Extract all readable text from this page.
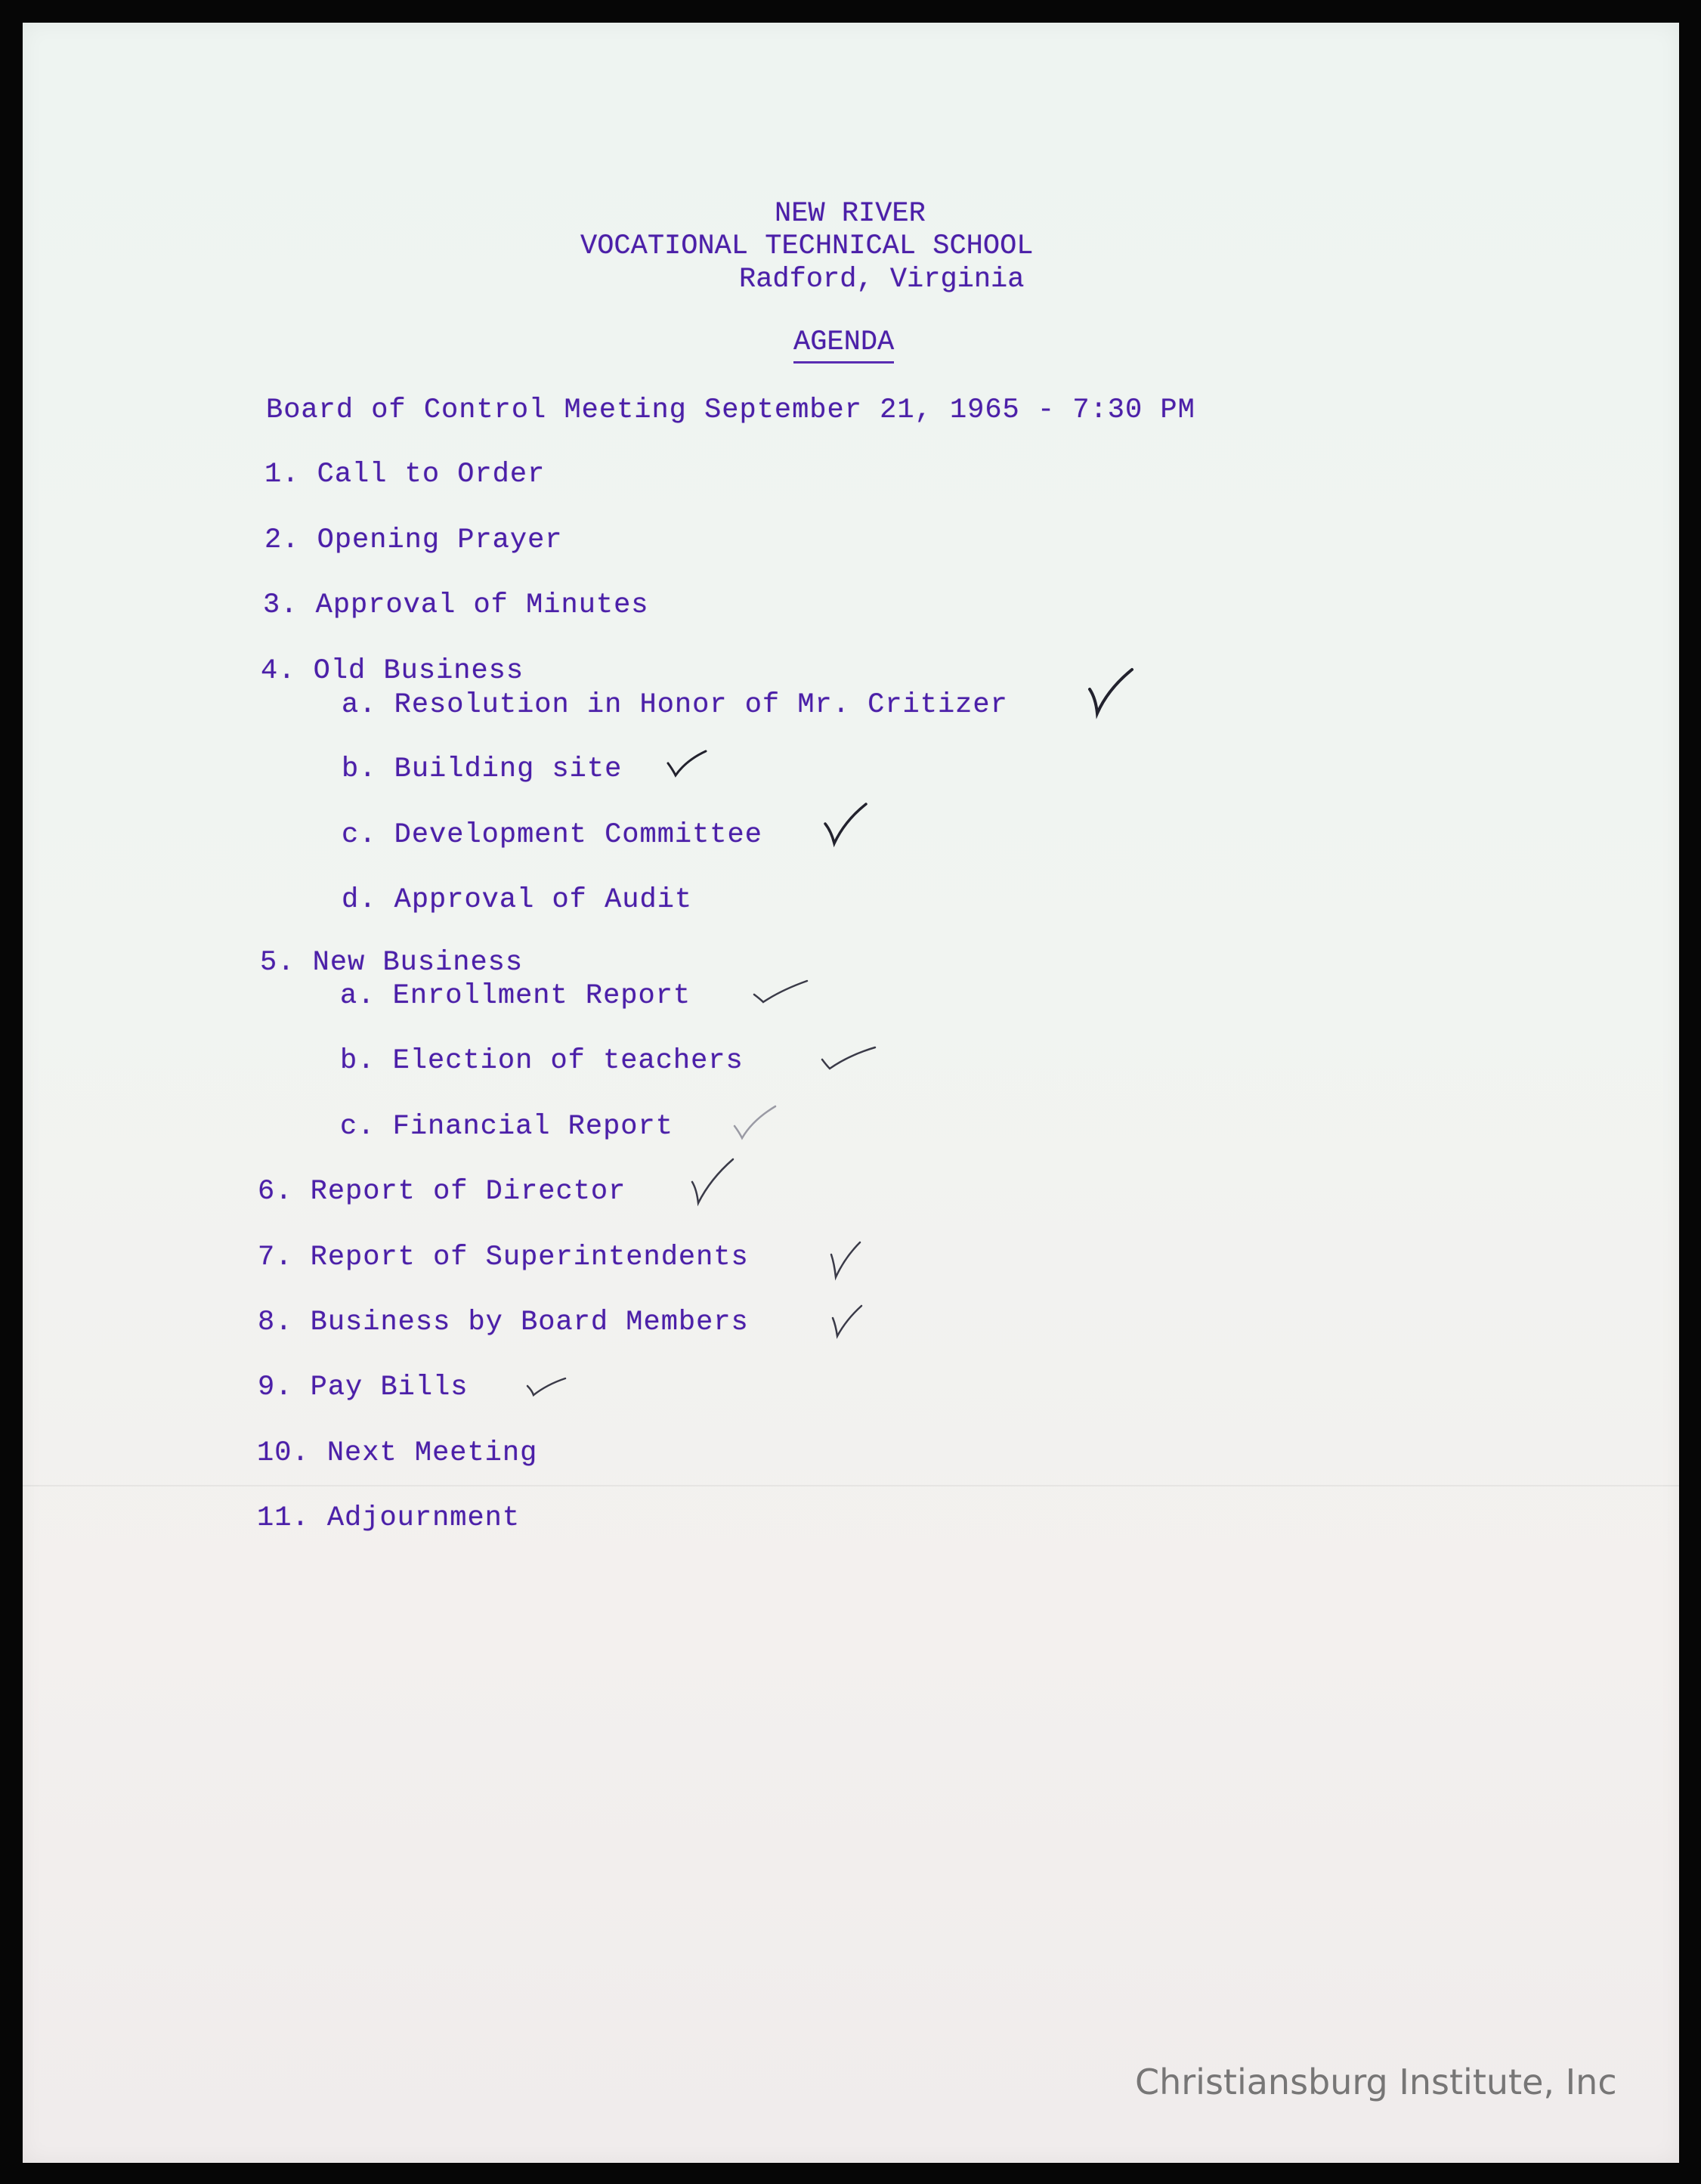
NEW RIVER
VOCATIONAL TECHNICAL SCHOOL
Radford, Virginia
AGENDA
Board of Control Meeting September 21, 1965 - 7:30 PM
1. Call to Order
2. Opening Prayer
3. Approval of Minutes
4. Old Business
a. Resolution in Honor of Mr. Critizer
b. Building site
c. Development Committee
d. Approval of Audit
5. New Business
a. Enrollment Report
b. Election of teachers
c. Financial Report
6. Report of Director
7. Report of Superintendents
8. Business by Board Members
9. Pay Bills
10. Next Meeting
11. Adjournment
Christiansburg Institute, Inc
